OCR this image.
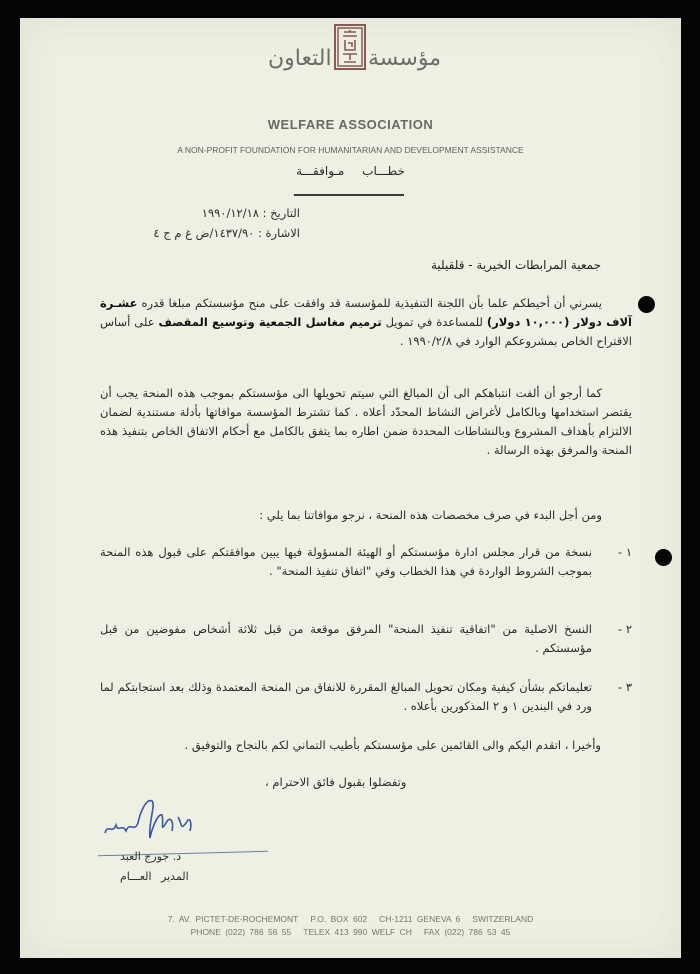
التعاون مؤسسة
WELFARE ASSOCIATION
A NON-PROFIT FOUNDATION FOR HUMANITARIAN AND DEVELOPMENT ASSISTANCE
خطـــاب مـوافقـــة
التاريخ : ١٩٩٠/١٢/١٨
الاشارة : ١٤٣٧/٩٠/ض غ م ج ٤
جمعية المرابطات الخيرية - قلقيلية
يسرني أن أحيطكم علما بأن اللجنة التنفيذية للمؤسسة قد وافقت على منح مؤسستكم مبلغا قدره عشـرة آلاف دولار (١٠,٠٠٠ دولار) للمساعدة في تمويل ترميم مغاسل الجمعية وتوسيع المقصف على أساس الاقتراح الخاص بمشروعكم الوارد في ١٩٩٠/٢/٨ .
كما أرجو أن ألفت انتباهكم الى أن المبالغ التي سيتم تحويلها الى مؤسستكم بموجب هذه المنحة يجب أن يقتصر استخدامها وبالكامل لأغراض النشاط المحدّد أعلاه . كما تشترط المؤسسة موافاتها بأدلة مستندية لضمان الالتزام بأهداف المشروع وبالنشاطات المحددة ضمن اطاره بما يتفق بالكامل مع أحكام الاتفاق الخاص بتنفيذ هذه المنحة والمرفق بهذه الرسالة .
ومن أجل البدء في صرف مخصصات هذه المنحة ، نرجو موافاتنا بما يلي :
١ -
نسخة من قرار مجلس ادارة مؤسستكم أو الهيئة المسؤولة فيها يبين موافقتكم على قبول هذه المنحة بموجب الشروط الواردة في هذا الخطاب وفي "اتفاق تنفيذ المنحة" .
٢ -
النسخ الاصلية من "اتفاقية تنفيذ المنحة" المرفق موقعة من قبل ثلاثة أشخاص مفوضين من قبل مؤسستكم .
٣ -
تعليماتكم بشأن كيفية ومكان تحويل المبالغ المقررة للانفاق من المنحة المعتمدة وذلك بعد استجابتكم لما ورد في البندين ١ و ٢ المذكورين بأعلاه .
وأخيرا ، اتقدم اليكم والى القائمين على مؤسستكم بأطيب التماني لكم بالنجاح والتوفيق .
وتفضلوا بقبول فائق الاحترام ،
د. جورج العبد
المدير العـــام
7. AV. PICTET-DE-ROCHEMONT P.O. BOX 602 CH-1211 GENEVA 6 SWITZERLAND
PHONE (022) 786 56 55 TELEX 413 990 WELF CH FAX (022) 786 53 45
